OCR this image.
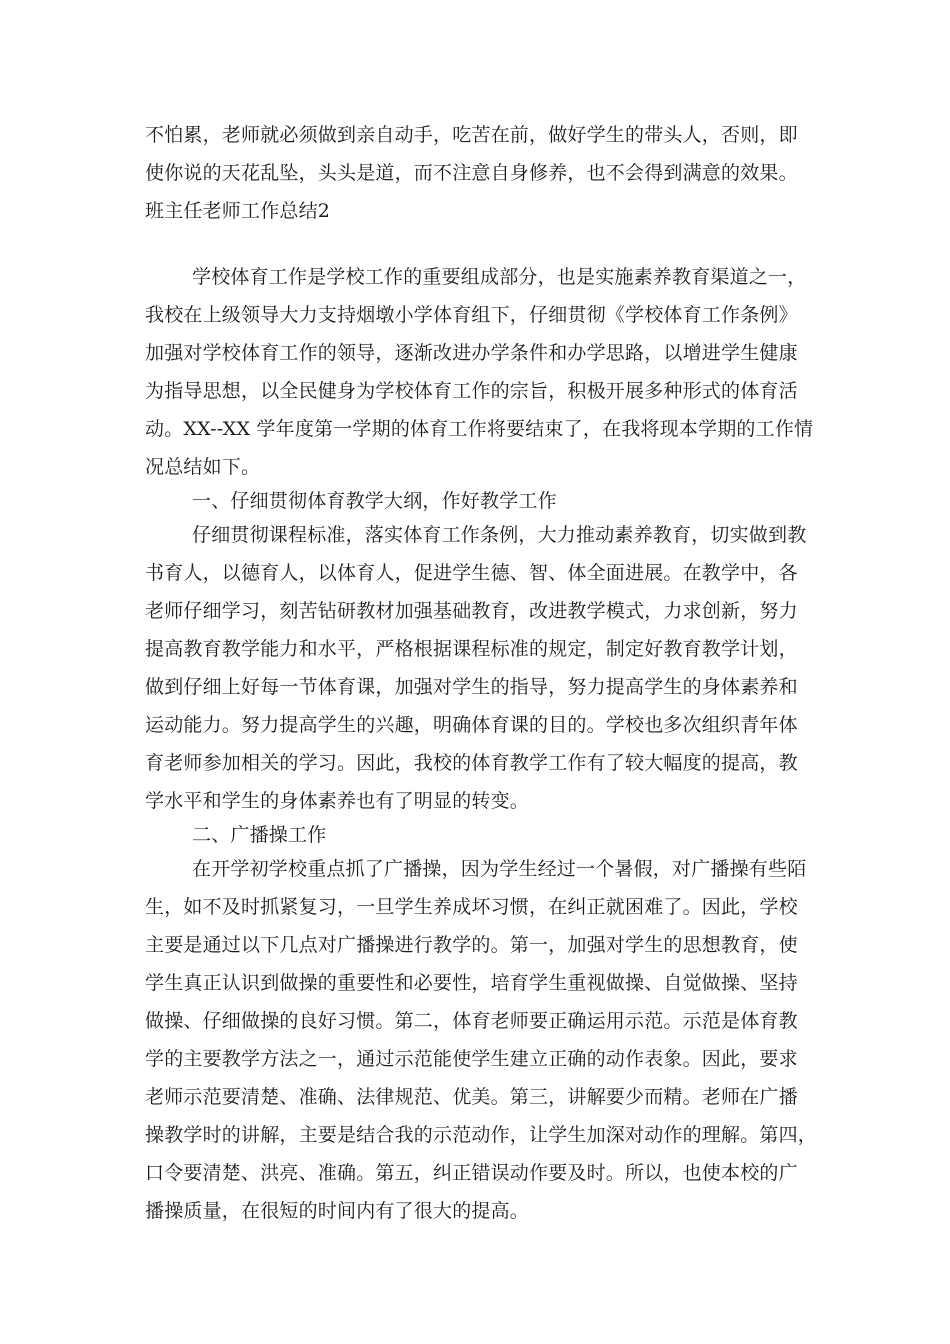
不怕累，老师就必须做到亲自动手，吃苦在前，做好学生的带头人，否则，即
使你说的天花乱坠，头头是道，而不注意自身修养，也不会得到满意的效果。
班主任老师工作总结2
学校体育工作是学校工作的重要组成部分，也是实施素养教育渠道之一，
我校在上级领导大力支持烟墩小学体育组下，仔细贯彻《学校体育工作条例》
加强对学校体育工作的领导，逐渐改进办学条件和办学思路，以增进学生健康
为指导思想，以全民健身为学校体育工作的宗旨，积极开展多种形式的体育活
动。XX--XX 学年度第一学期的体育工作将要结束了，在我将现本学期的工作情
况总结如下。
一、仔细贯彻体育教学大纲，作好教学工作
仔细贯彻课程标准，落实体育工作条例，大力推动素养教育，切实做到教
书育人，以德育人，以体育人，促进学生德、智、体全面进展。在教学中，各
老师仔细学习，刻苦钻研教材加强基础教育，改进教学模式，力求创新，努力
提高教育教学能力和水平，严格根据课程标准的规定，制定好教育教学计划，
做到仔细上好每一节体育课，加强对学生的指导，努力提高学生的身体素养和
运动能力。努力提高学生的兴趣，明确体育课的目的。学校也多次组织青年体
育老师参加相关的学习。因此，我校的体育教学工作有了较大幅度的提高，教
学水平和学生的身体素养也有了明显的转变。
二、广播操工作
在开学初学校重点抓了广播操，因为学生经过一个暑假，对广播操有些陌
生，如不及时抓紧复习，一旦学生养成坏习惯，在纠正就困难了。因此，学校
主要是通过以下几点对广播操进行教学的。第一，加强对学生的思想教育，使
学生真正认识到做操的重要性和必要性，培育学生重视做操、自觉做操、坚持
做操、仔细做操的良好习惯。第二，体育老师要正确运用示范。示范是体育教
学的主要教学方法之一，通过示范能使学生建立正确的动作表象。因此，要求
老师示范要清楚、准确、法律规范、优美。第三，讲解要少而精。老师在广播
操教学时的讲解，主要是结合我的示范动作，让学生加深对动作的理解。第四，
口令要清楚、洪亮、准确。第五，纠正错误动作要及时。所以，也使本校的广
播操质量，在很短的时间内有了很大的提高。
